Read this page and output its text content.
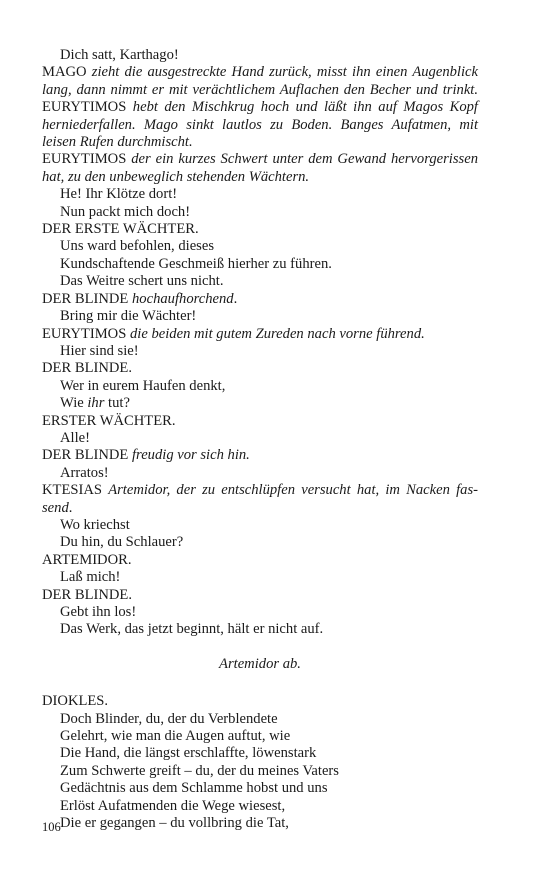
Dich satt, Karthago!
MAGO zieht die ausgestreckte Hand zurück, misst ihn einen Augenblick
lang, dann nimmt er mit verächtlichem Auflachen den Becher und trinkt.
EURYTIMOS hebt den Mischkrug hoch und läßt ihn auf Magos Kopf
herniederfallen. Mago sinkt lautlos zu Boden. Banges Aufatmen, mit
leisen Rufen durchmischt.
EURYTIMOS der ein kurzes Schwert unter dem Gewand hervorgerissen
hat, zu den unbeweglich stehenden Wächtern.
He! Ihr Klötze dort!
Nun packt mich doch!
DER ERSTE WÄCHTER.
Uns ward befohlen, dieses
Kundschaftende Geschmeiß hierher zu führen.
Das Weitre schert uns nicht.
DER BLINDE hochaufhorchend.
Bring mir die Wächter!
EURYTIMOS die beiden mit gutem Zureden nach vorne führend.
Hier sind sie!
DER BLINDE.
Wer in eurem Haufen denkt,
Wie ihr tut?
ERSTER WÄCHTER.
Alle!
DER BLINDE freudig vor sich hin.
Arratos!
KTESIAS Artemidor, der zu entschlüpfen versucht hat, im Nacken fas-
send.
Wo kriechst
Du hin, du Schlauer?
ARTEMIDOR.
Laß mich!
DER BLINDE.
Gebt ihn los!
Das Werk, das jetzt beginnt, hält er nicht auf.
Artemidor ab.
DIOKLES.
Doch Blinder, du, der du Verblendete
Gelehrt, wie man die Augen auftut, wie
Die Hand, die längst erschlaffte, löwenstark
Zum Schwerte greift – du, der du meines Vaters
Gedächtnis aus dem Schlamme hobst und uns
Erlöst Aufatmenden die Wege wiesest,
Die er gegangen – du vollbring die Tat,
106
